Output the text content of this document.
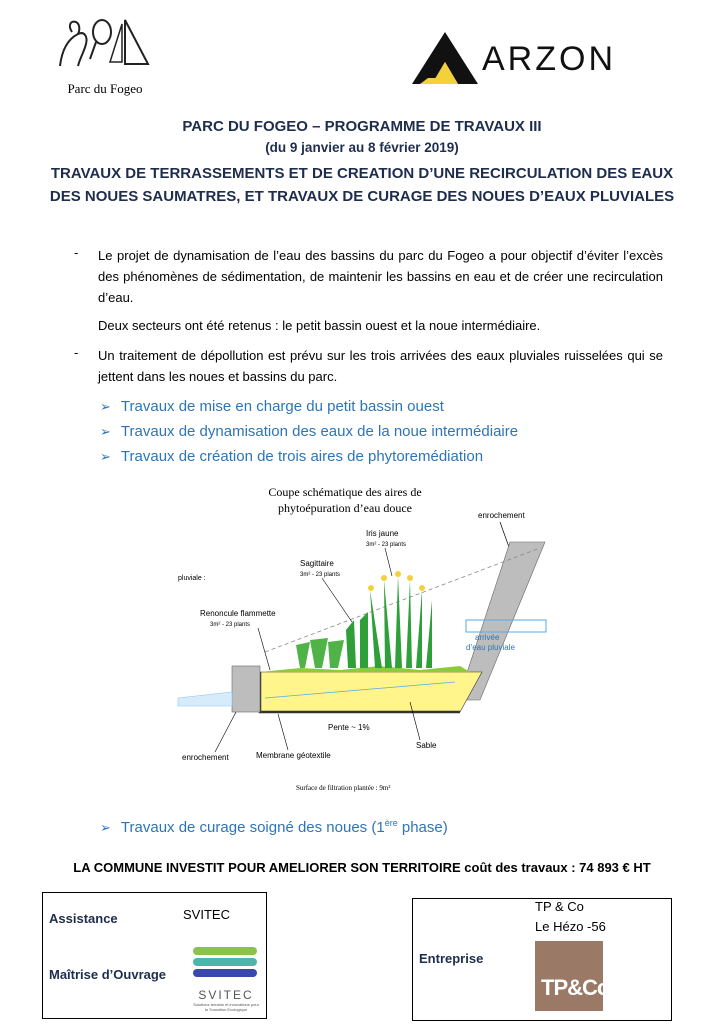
Parc du Fogeo
ARZON
PARC DU FOGEO – PROGRAMME DE TRAVAUX III
(du 9 janvier au 8 février 2019)
TRAVAUX DE TERRASSEMENTS ET DE CREATION D’UNE RECIRCULATION DES EAUX DES NOUES SAUMATRES, ET TRAVAUX DE CURAGE DES NOUES D’EAUX PLUVIALES
- Le projet de dynamisation de l’eau des bassins du parc du Fogeo a pour objectif d’éviter l’excès des phénomènes de sédimentation, de maintenir les bassins en eau et de créer une recirculation d’eau.
Deux secteurs ont été retenus : le petit bassin ouest et la noue intermédiaire.
- Un traitement de dépollution est prévu sur les trois arrivées des eaux pluviales ruisselées qui se jettent dans les noues et bassins du parc.
➢ Travaux de mise en charge du petit bassin ouest
➢ Travaux de dynamisation des eaux de la noue intermédiaire
➢ Travaux de création de trois aires de phytoremédiation
Coupe schématique des aires de
phytoépuration d’eau douce
enrochement
arrivée
d’eau pluviale
Iris jaune
3m² - 23 plants
Sagittaire
3m² - 23 plants
pluviale :
Renoncule flammette
3m² - 23 plants
Pente ~ 1%
Sable
enrochement	Membrane géotextile
Surface de filtration plantée : 9m²
➢ Travaux de curage soigné des noues (1ère phase)
LA COMMUNE INVESTIT POUR AMELIORER SON TERRITOIRE coût des travaux : 74 893 € HT
Assistance	SVITEC
Maîtrise d’Ouvrage
SVITEC
Solutions terrains et innovations pour la Transition Ecologique
TP & Co
Le Hézo -56
Entreprise
TP&Co
